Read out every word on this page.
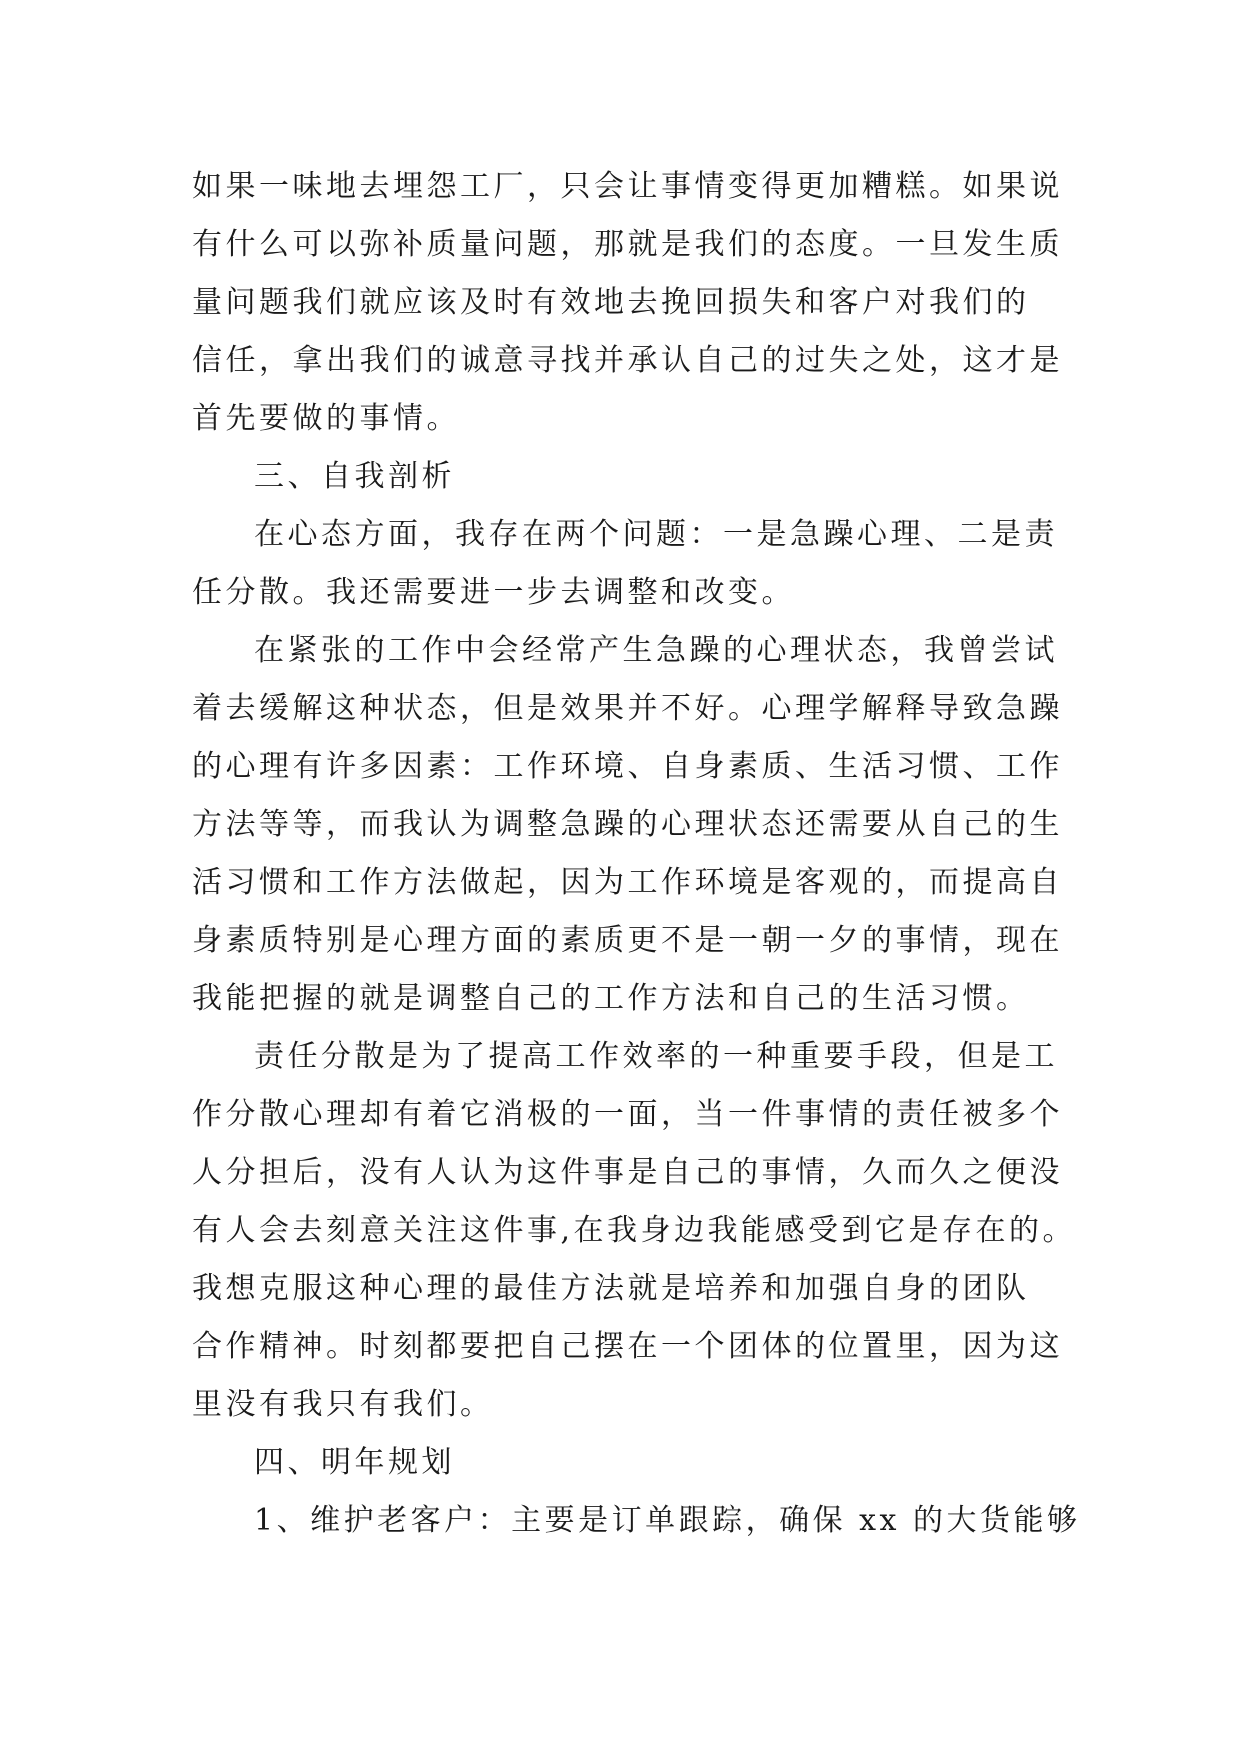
如果一味地去埋怨工厂，只会让事情变得更加糟糕。如果说
有什么可以弥补质量问题，那就是我们的态度。一旦发生质
量问题我们就应该及时有效地去挽回损失和客户对我们的
信任，拿出我们的诚意寻找并承认自己的过失之处，这才是
首先要做的事情。
三、自我剖析
在心态方面，我存在两个问题：一是急躁心理、二是责
任分散。我还需要进一步去调整和改变。
在紧张的工作中会经常产生急躁的心理状态，我曾尝试
着去缓解这种状态，但是效果并不好。心理学解释导致急躁
的心理有许多因素：工作环境、自身素质、生活习惯、工作
方法等等，而我认为调整急躁的心理状态还需要从自己的生
活习惯和工作方法做起，因为工作环境是客观的，而提高自
身素质特别是心理方面的素质更不是一朝一夕的事情，现在
我能把握的就是调整自己的工作方法和自己的生活习惯。
责任分散是为了提高工作效率的一种重要手段，但是工
作分散心理却有着它消极的一面，当一件事情的责任被多个
人分担后，没有人认为这件事是自己的事情，久而久之便没
有人会去刻意关注这件事,在我身边我能感受到它是存在的。
我想克服这种心理的最佳方法就是培养和加强自身的团队
合作精神。时刻都要把自己摆在一个团体的位置里，因为这
里没有我只有我们。
四、明年规划
1、维护老客户：主要是订单跟踪，确保 xx 的大货能够
